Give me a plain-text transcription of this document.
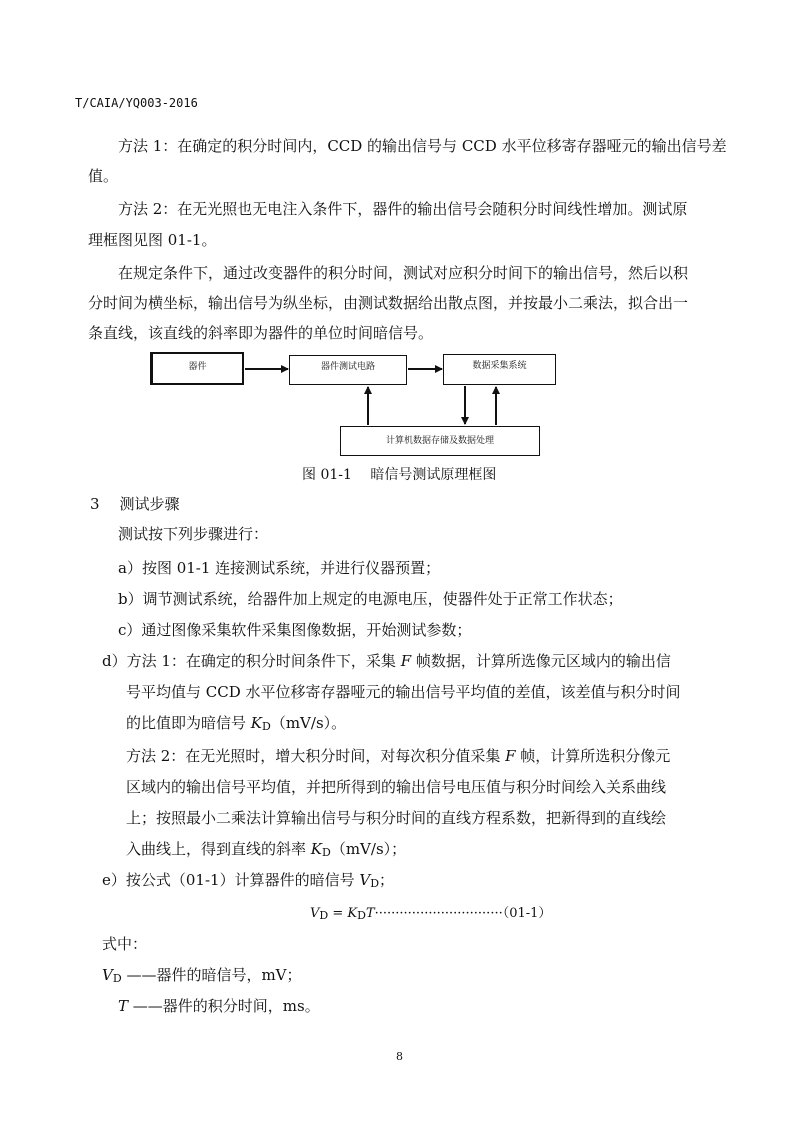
T/CAIA/YQ003-2016
方法 1：在确定的积分时间内，CCD 的输出信号与 CCD 水平位移寄存器哑元的输出信号差
值。
方法 2：在无光照也无电注入条件下，器件的输出信号会随积分时间线性增加。测试原
理框图见图 01-1。
在规定条件下，通过改变器件的积分时间，测试对应积分时间下的输出信号，然后以积
分时间为横坐标，输出信号为纵坐标，由测试数据给出散点图，并按最小二乘法，拟合出一
条直线，该直线的斜率即为器件的单位时间暗信号。
器件	器件测试电路	数据采集系统
计算机数据存储及数据处理
图 01-1　 暗信号测试原理框图
3 测试步骤
测试按下列步骤进行：
a）按图 01-1 连接测试系统，并进行仪器预置；
b）调节测试系统，给器件加上规定的电源电压，使器件处于正常工作状态；
c）通过图像采集软件采集图像数据，开始测试参数；
d）方法 1：在确定的积分时间条件下，采集 F 帧数据，计算所选像元区域内的输出信
号平均值与 CCD 水平位移寄存器哑元的输出信号平均值的差值，该差值与积分时间
的比值即为暗信号 KD（mV/s）。
方法 2：在无光照时，增大积分时间，对每次积分值采集 F 帧，计算所选积分像元
区域内的输出信号平均值，并把所得到的输出信号电压值与积分时间绘入关系曲线
上；按照最小二乘法计算输出信号与积分时间的直线方程系数，把新得到的直线绘
入曲线上，得到直线的斜率 KD（mV/s）；
e）按公式（01-1）计算器件的暗信号 VD；
VD = KDT·······························（01-1）
式中：
VD ——器件的暗信号，mV；
T ——器件的积分时间，ms。
8
